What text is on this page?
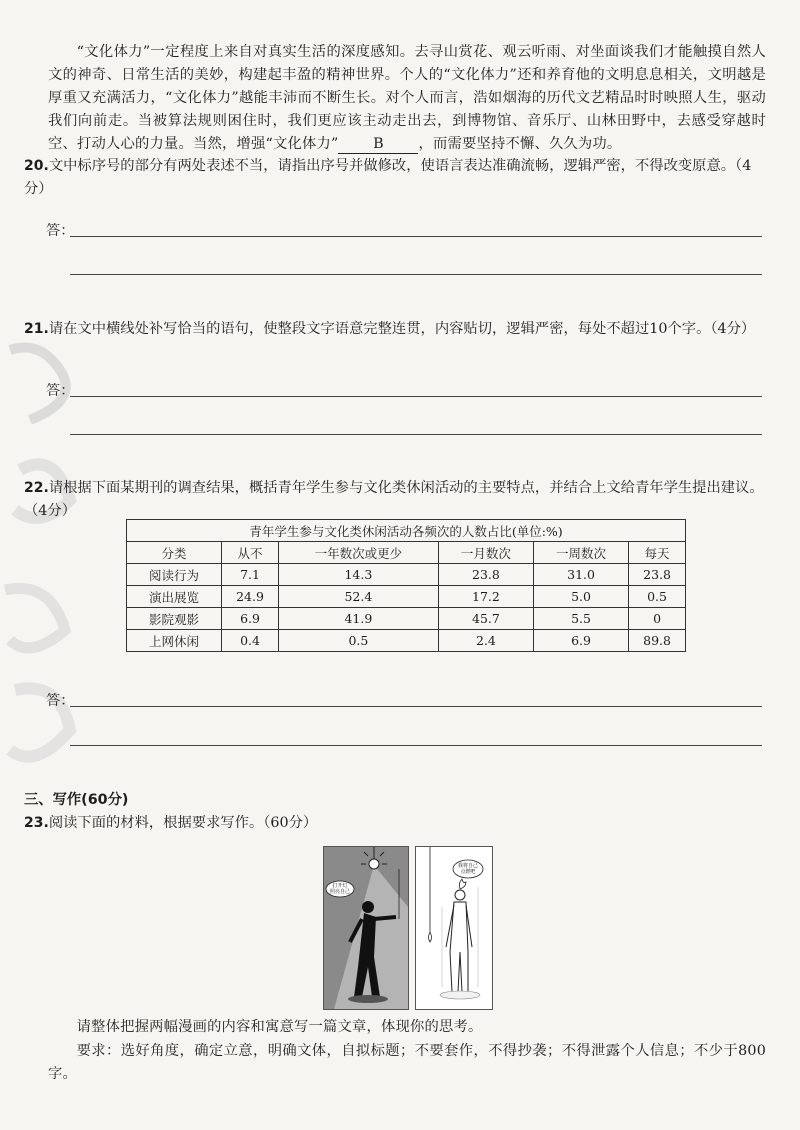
“文化体力”一定程度上来自对真实生活的深度感知。去寻山赏花、观云听雨、对坐面谈我们才能触摸自然人文的神奇、日常生活的美妙，构建起丰盈的精神世界。个人的“文化体力”还和养育他的文明息息相关，文明越是厚重又充满活力，“文化体力”越能丰沛而不断生长。对个人而言，浩如烟海的历代文艺精品时时映照人生，驱动我们向前走。当被算法规则困住时，我们更应该主动走出去，到博物馆、音乐厅、山林田野中，去感受穿越时空、打动人心的力量。当然，增强“文化体力” B ，而需要坚持不懈、久久为功。
20.文中标序号的部分有两处表述不当，请指出序号并做修改，使语言表达准确流畅，逻辑严密，不得改变原意。（4分）
答：
21.请在文中横线处补写恰当的语句，使整段文字语意完整连贯，内容贴切，逻辑严密，每处不超过10个字。（4分）
答：
22.请根据下面某期刊的调查结果，概括青年学生参与文化类休闲活动的主要特点，并结合上文给青年学生提出建议。（4分）
青年学生参与文化类休闲活动各频次的人数占比(单位:%)					
分类	从不	一年数次或更少	一月数次	一周数次	每天
阅读行为	7.1	14.3	23.8	31.0	23.8
演出展览	24.9	52.4	17.2	5.0	0.5
影院观影	6.9	41.9	45.7	5.5	0
上网休闲	0.4	0.5	2.4	6.9	89.8
答：
三、写作(60分)
23.阅读下面的材料，根据要求写作。（60分）
打开灯照亮自己
我将自己点燃吧
请整体把握两幅漫画的内容和寓意写一篇文章，体现你的思考。
要求：选好角度，确定立意，明确文体，自拟标题；不要套作，不得抄袭；不得泄露个人信息；不少于800字。
